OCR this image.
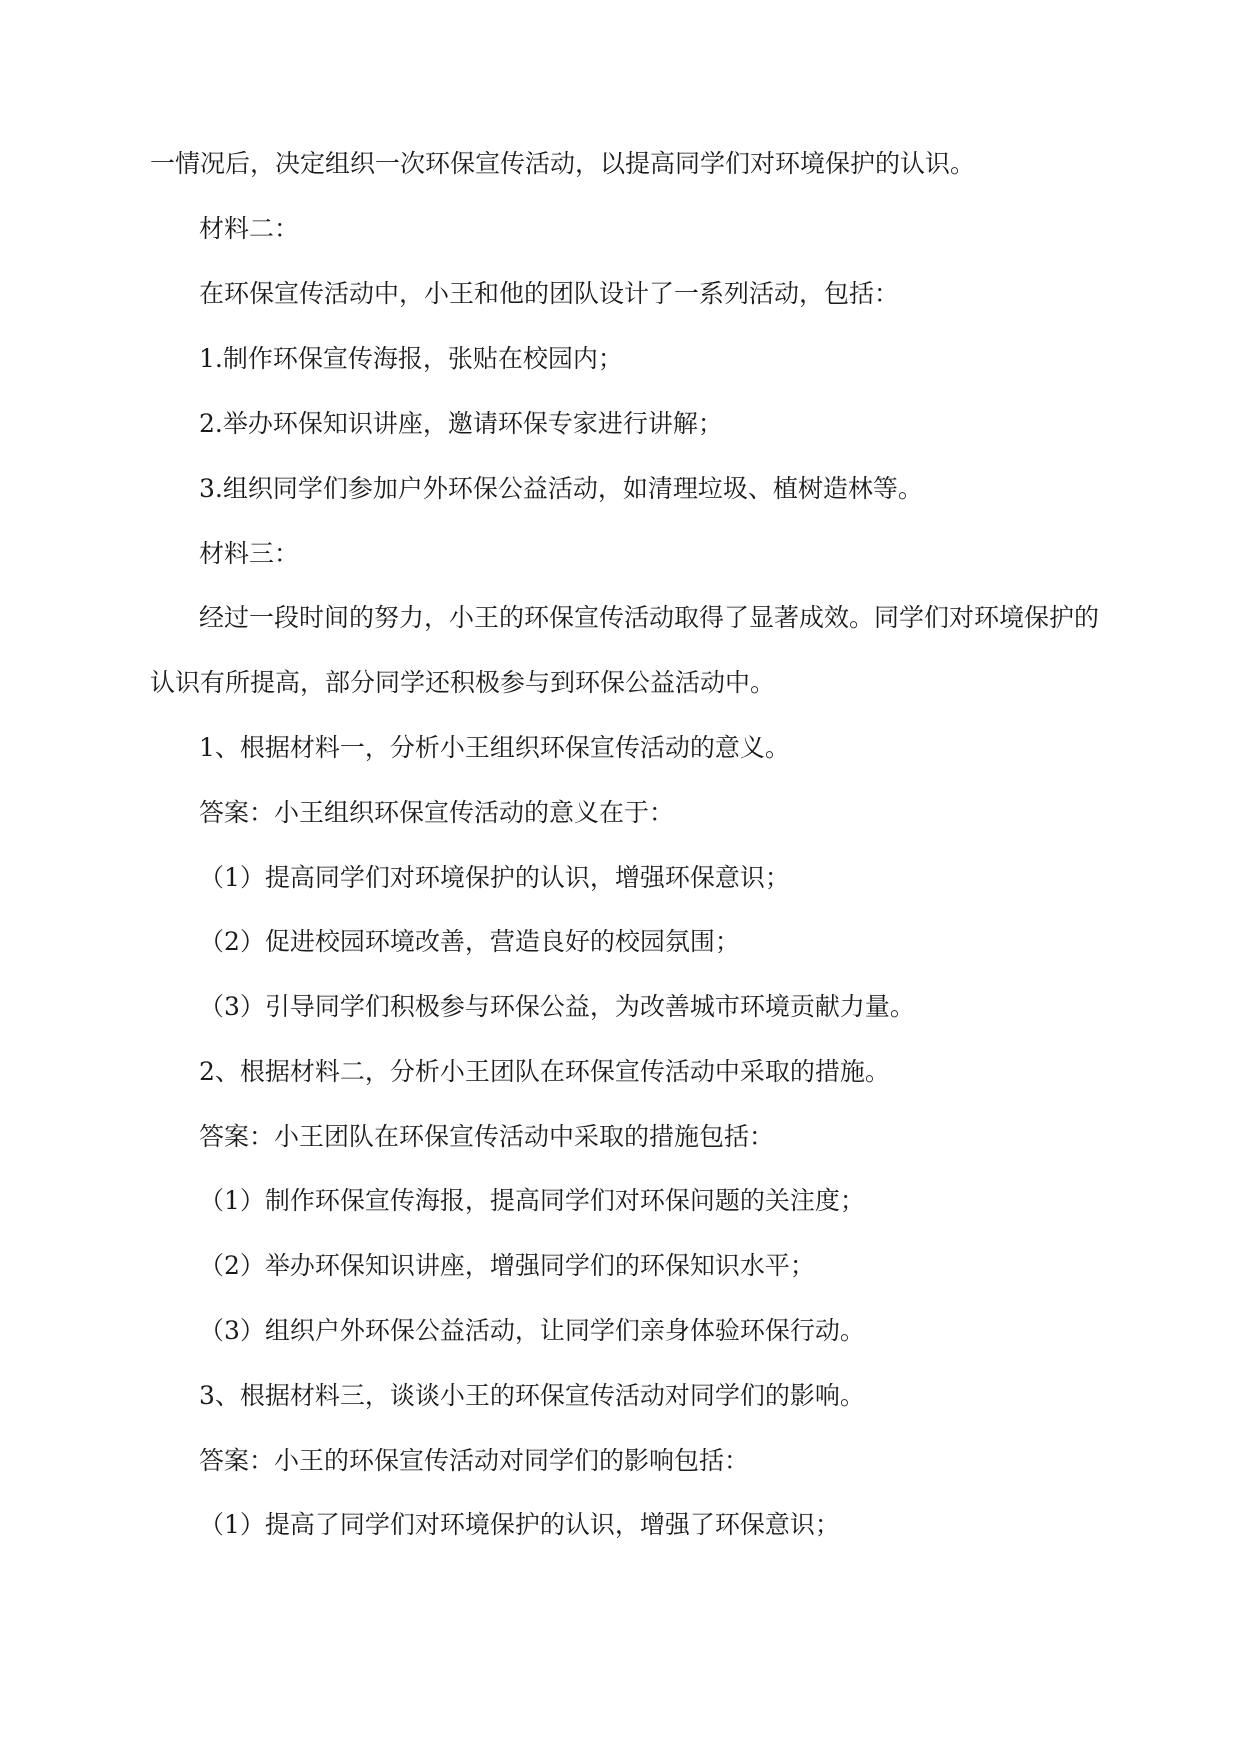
一情况后，决定组织一次环保宣传活动，以提高同学们对环境保护的认识。
材料二：
在环保宣传活动中，小王和他的团队设计了一系列活动，包括：
1.制作环保宣传海报，张贴在校园内；
2.举办环保知识讲座，邀请环保专家进行讲解；
3.组织同学们参加户外环保公益活动，如清理垃圾、植树造林等。
材料三：
经过一段时间的努力，小王的环保宣传活动取得了显著成效。同学们对环境保护的
认识有所提高，部分同学还积极参与到环保公益活动中。
1、根据材料一，分析小王组织环保宣传活动的意义。
答案：小王组织环保宣传活动的意义在于：
（1）提高同学们对环境保护的认识，增强环保意识；
（2）促进校园环境改善，营造良好的校园氛围；
（3）引导同学们积极参与环保公益，为改善城市环境贡献力量。
2、根据材料二，分析小王团队在环保宣传活动中采取的措施。
答案：小王团队在环保宣传活动中采取的措施包括：
（1）制作环保宣传海报，提高同学们对环保问题的关注度；
（2）举办环保知识讲座，增强同学们的环保知识水平；
（3）组织户外环保公益活动，让同学们亲身体验环保行动。
3、根据材料三，谈谈小王的环保宣传活动对同学们的影响。
答案：小王的环保宣传活动对同学们的影响包括：
（1）提高了同学们对环境保护的认识，增强了环保意识；
